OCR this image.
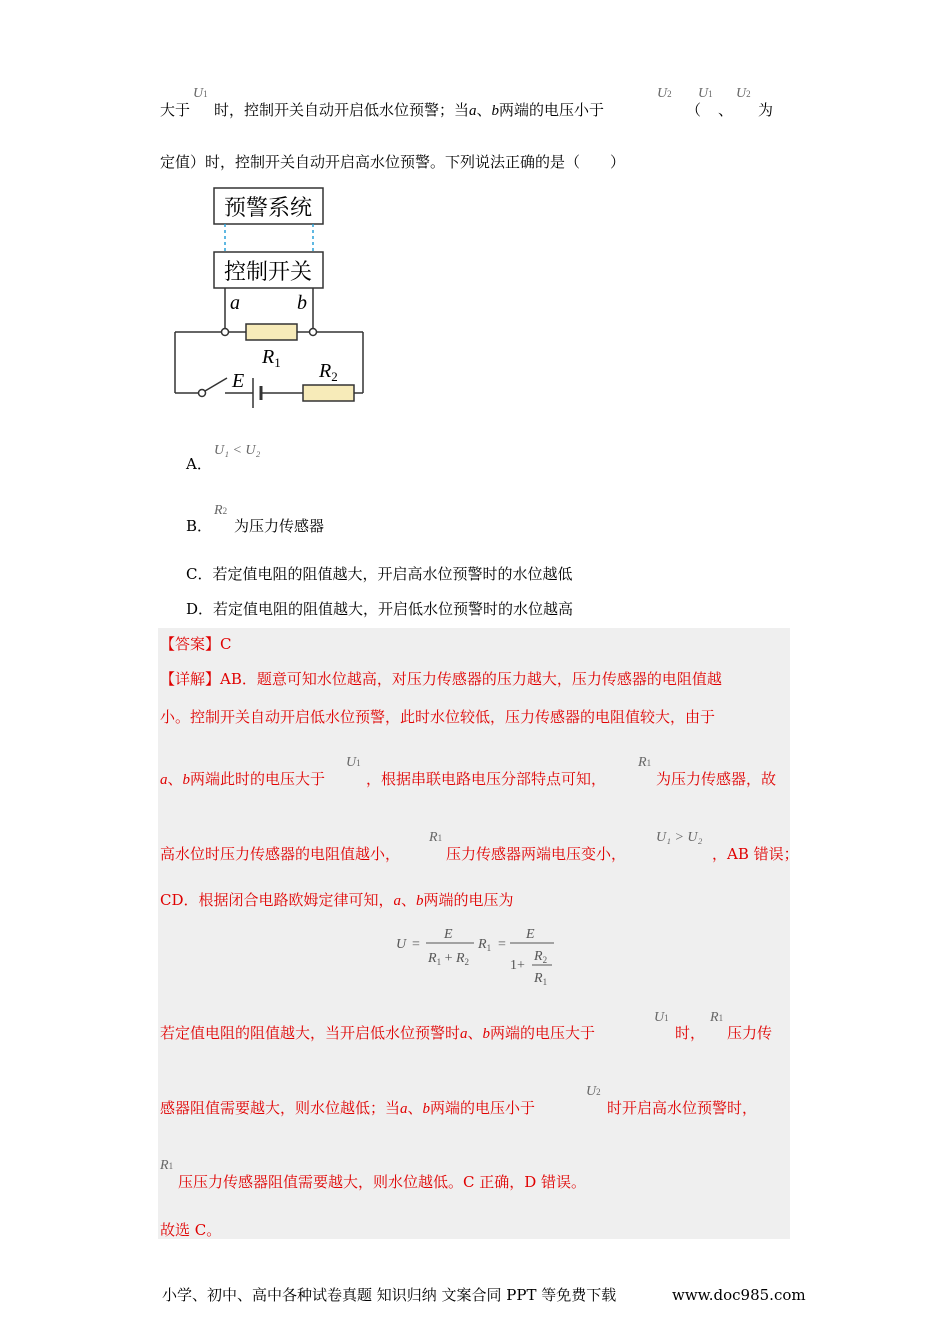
大于
U1
时，控制开关自动开启低水位预警；当a、b两端的电压小于
U2
（
U1
、
U2
为
定值）时，控制开关自动开启高水位预警。下列说法正确的是（　　）
预警系统
控制开关
a	b
$R_1$
E	$R_2$
U₁ < U₂
A．
B．
R2
为压力传感器
C．若定值电阻的阻值越大，开启高水位预警时的水位越低
D．若定值电阻的阻值越大，开启低水位预警时的水位越高
【答案】C
【详解】AB．题意可知水位越高，对压力传感器的压力越大，压力传感器的电阻值越
小。控制开关自动开启低水位预警，此时水位较低，压力传感器的电阻值较大，由于
a、b两端此时的电压大于
U1
，根据串联电路电压分部特点可知，
R1
为压力传感器，故
高水位时压力传感器的电阻值越小，
R1
压力传感器两端电压变小，
U₁ > U₂
，AB 错误；
CD．根据闭合电路欧姆定律可知，a、b两端的电压为
U =
E
$R_1 + R_2$
$R_1$ =
E
1+
$R_2$
$R_1$
若定值电阻的阻值越大，当开启低水位预警时a、b两端的电压大于
U1
时，
R1
压力传
感器阻值需要越大，则水位越低；当a、b两端的电压小于
U2
时开启高水位预警时，
R1
压压力传感器阻值需要越大，则水位越低。C 正确，D 错误。
故选 C。
小学、初中、高中各种试卷真题 知识归纳 文案合同 PPT 等免费下载	www.doc985.com
